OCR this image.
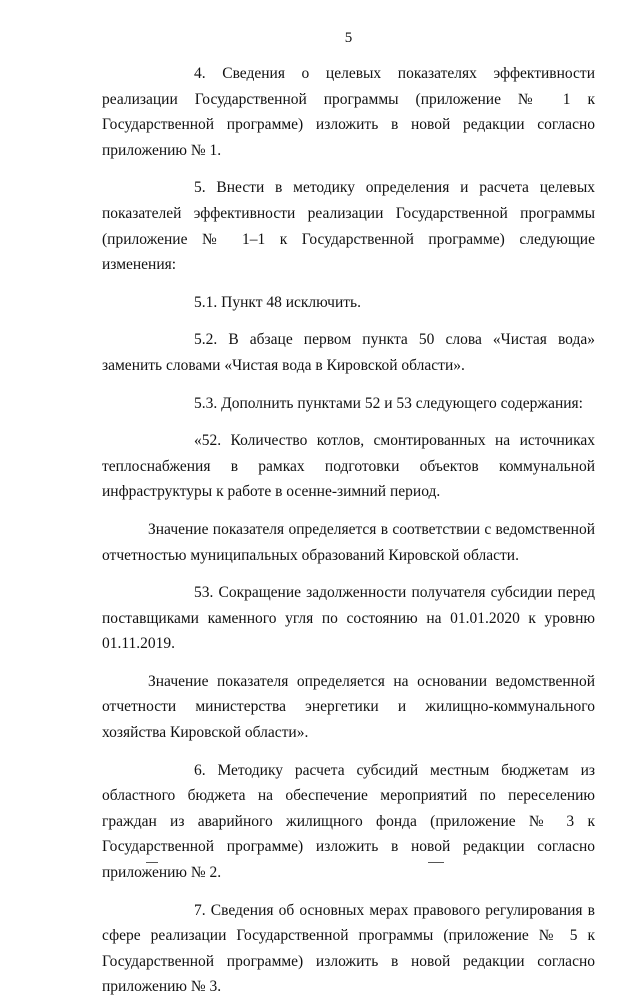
5

4. Сведения о целевых показателях эффективности реализации Государственной программы (приложение № 1 к Государственной программе) изложить в новой редакции согласно приложению № 1.

5. Внести в методику определения и расчета целевых показателей эффективности реализации Государственной программы (приложение № 1–1 к Государственной программе) следующие изменения:

5.1. Пункт 48 исключить.

5.2. В абзаце первом пункта 50 слова «Чистая вода» заменить словами «Чистая вода в Кировской области».

5.3. Дополнить пунктами 52 и 53 следующего содержания:

«52. Количество котлов, смонтированных на источниках теплоснабжения в рамках подготовки объектов коммунальной инфраструктуры к работе в осенне-зимний период.

Значение показателя определяется в соответствии с ведомственной отчетностью муниципальных образований Кировской области.

53. Сокращение задолженности получателя субсидии перед поставщиками каменного угля по состоянию на 01.01.2020 к уровню 01.11.2019.

Значение показателя определяется на основании ведомственной отчетности министерства энергетики и жилищно-коммунального хозяйства Кировской области».

6. Методику расчета субсидий местным бюджетам из областного бюджета на обеспечение мероприятий по переселению граждан из аварийного жилищного фонда (приложение № 3 к Государственной программе) изложить в новой редакции согласно приложению № 2.

7. Сведения об основных мерах правового регулирования в сфере реализации Государственной программы (приложение № 5 к Государственной программе) изложить в новой редакции согласно приложению № 3.
